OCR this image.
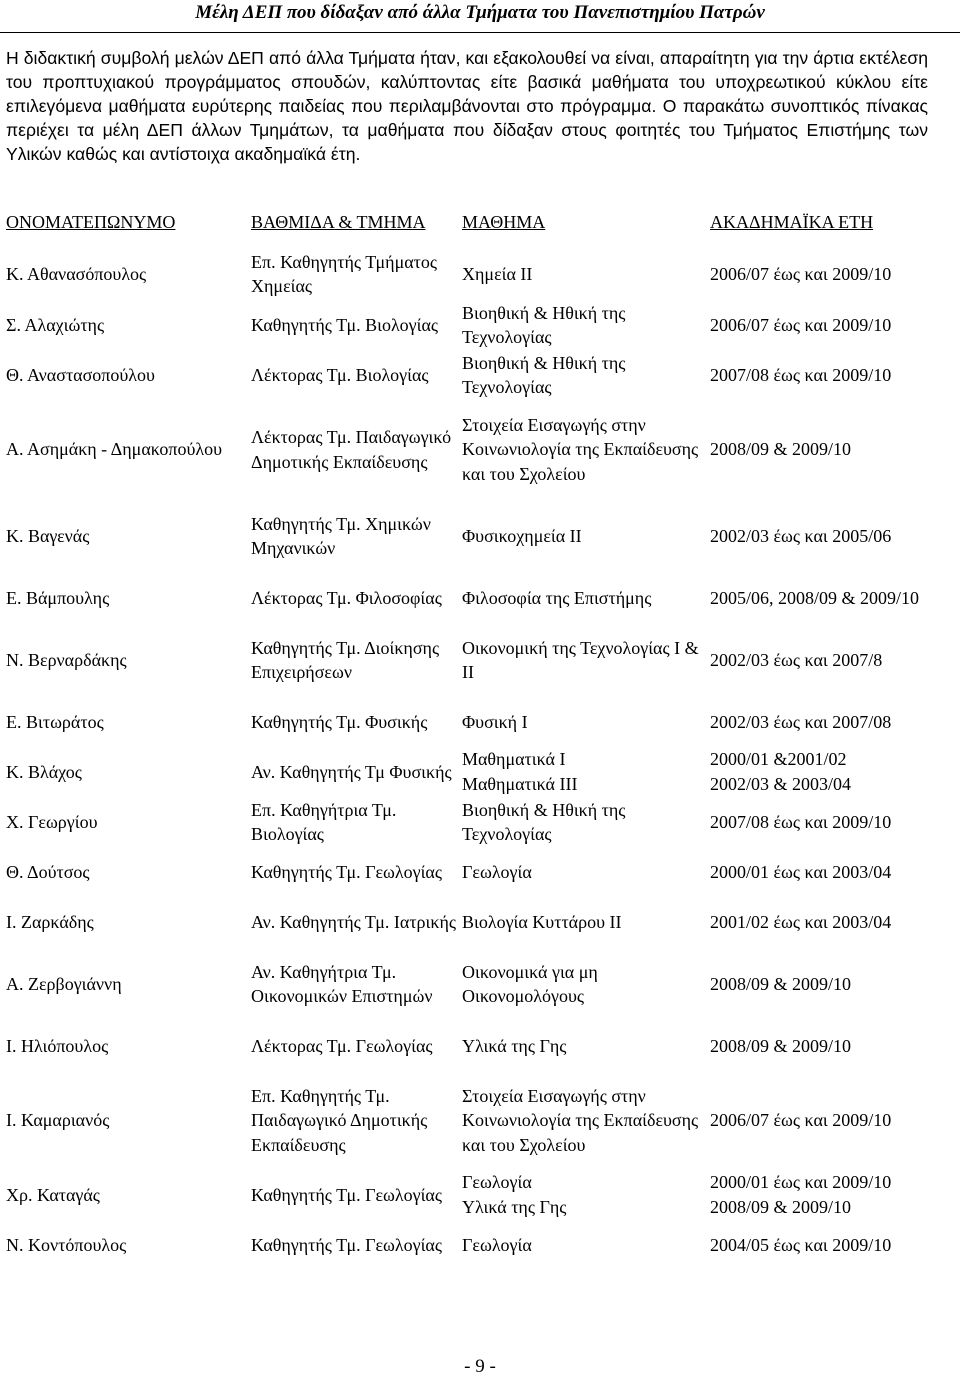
Μέλη ΔΕΠ που δίδαξαν από άλλα Τμήματα του Πανεπιστημίου Πατρών
Η διδακτική συμβολή μελών ΔΕΠ από άλλα Τμήματα ήταν, και εξακολουθεί να είναι, απαραίτητη για την άρτια εκτέλεση του προπτυχιακού προγράμματος σπουδών, καλύπτοντας είτε βασικά μαθήματα του υποχρεωτικού κύκλου είτε επιλεγόμενα μαθήματα ευρύτερης παιδείας που περιλαμβάνονται στο πρόγραμμα. Ο παρακάτω συνοπτικός πίνακας περιέχει τα μέλη ΔΕΠ άλλων Τμημάτων, τα μαθήματα που δίδαξαν στους φοιτητές του Τμήματος Επιστήμης των Υλικών καθώς και αντίστοιχα ακαδημαϊκά έτη.
ΟΝΟΜΑΤΕΠΩΝΥΜΟ	ΒΑΘΜΙΔΑ & ΤΜΗΜΑ	ΜΑΘΗΜΑ	ΑΚΑΔΗΜΑΪΚΑ ΕΤΗ
Κ. Αθανασόπουλος	Επ. Καθηγητής Τμήματος Χημείας	Χημεία ΙΙ	2006/07 έως και 2009/10
Σ. Αλαχιώτης	Καθηγητής Τμ. Βιολογίας	Βιοηθική & Ηθική της Τεχνολογίας	2006/07 έως και 2009/10
Θ. Αναστασοπούλου	Λέκτορας Τμ. Βιολογίας	Βιοηθική & Ηθική της Τεχνολογίας	2007/08 έως και 2009/10
Α. Ασημάκη - Δημακοπούλου	Λέκτορας Τμ. Παιδαγωγικό Δημοτικής Εκπαίδευσης	Στοιχεία Εισαγωγής στην Κοινωνιολογία της Εκπαίδευσης και του Σχολείου	2008/09 & 2009/10
Κ. Βαγενάς	Καθηγητής Τμ. Χημικών Μηχανικών	Φυσικοχημεία ΙΙ	2002/03 έως και 2005/06
Ε. Βάμπουλης	Λέκτορας Τμ. Φιλοσοφίας	Φιλοσοφία της Επιστήμης	2005/06, 2008/09 & 2009/10
Ν. Βερναρδάκης	Καθηγητής Τμ. Διοίκησης Επιχειρήσεων	Οικονομική της Τεχνολογίας Ι & ΙΙ	2002/03 έως και 2007/8
Ε. Βιτωράτος	Καθηγητής Τμ. Φυσικής	Φυσική Ι	2002/03 έως και 2007/08
Κ. Βλάχος	Αν. Καθηγητής Τμ Φυσικής	Μαθηματικά Ι	2000/01 &2001/02
		Μαθηματικά ΙΙΙ	2002/03 & 2003/04
Χ. Γεωργίου	Επ. Καθηγήτρια Τμ. Βιολογίας	Βιοηθική & Ηθική της Τεχνολογίας	2007/08 έως και 2009/10
Θ. Δούτσος	Καθηγητής Τμ. Γεωλογίας	Γεωλογία	2000/01 έως και 2003/04
Ι. Ζαρκάδης	Αν. Καθηγητής Τμ. Ιατρικής	Βιολογία Κυττάρου ΙΙ	2001/02 έως και 2003/04
Α. Ζερβογιάννη	Αν. Καθηγήτρια Τμ. Οικονομικών Επιστημών	Οικονομικά για μη Οικονομολόγους	2008/09 & 2009/10
Ι. Ηλιόπουλος	Λέκτορας Τμ. Γεωλογίας	Υλικά της Γης	2008/09 & 2009/10
Ι. Καμαριανός	Επ. Καθηγητής Τμ. Παιδαγωγικό Δημοτικής Εκπαίδευσης	Στοιχεία Εισαγωγής στην Κοινωνιολογία της Εκπαίδευσης και του Σχολείου	2006/07 έως και 2009/10
Χρ. Καταγάς	Καθηγητής Τμ. Γεωλογίας	Γεωλογία	2000/01 έως και 2009/10
		Υλικά της Γης	2008/09 & 2009/10
Ν. Κοντόπουλος	Καθηγητής Τμ. Γεωλογίας	Γεωλογία	2004/05 έως και 2009/10
- 9 -
